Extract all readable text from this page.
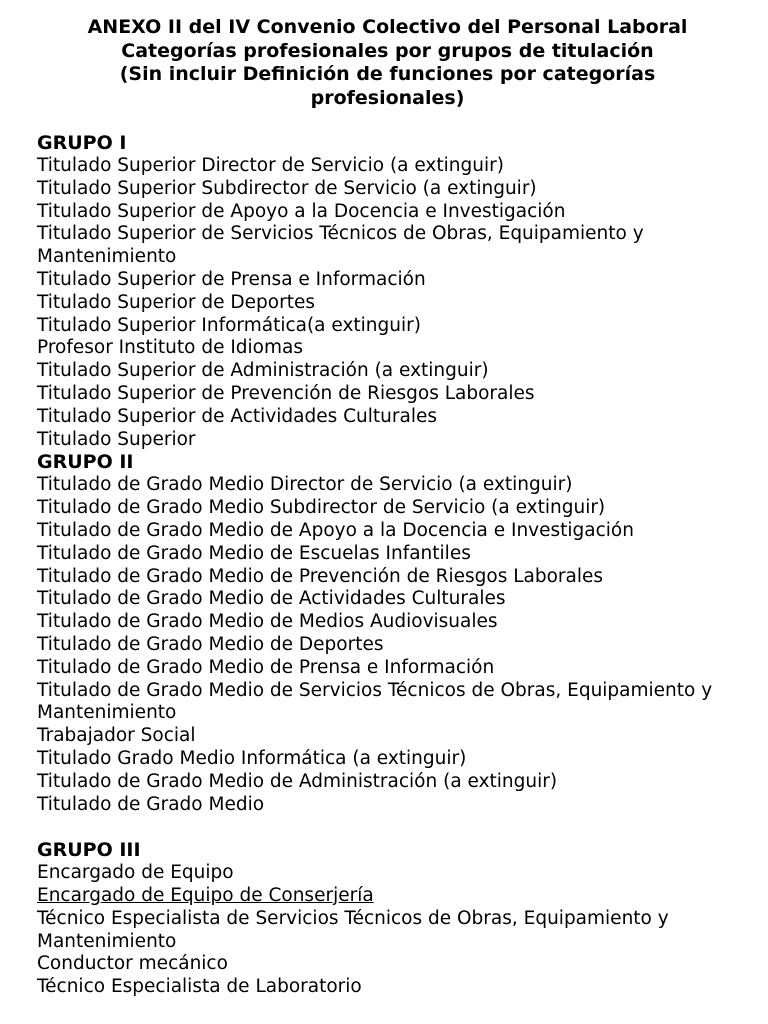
ANEXO II del IV Convenio Colectivo del Personal Laboral
Categorías profesionales por grupos de titulación
(Sin incluir Definición de funciones por categorías
profesionales)
GRUPO I
Titulado Superior Director de Servicio (a extinguir)
Titulado Superior Subdirector de Servicio (a extinguir)
Titulado Superior de Apoyo a la Docencia e Investigación
Titulado Superior de Servicios Técnicos de Obras, Equipamiento y Mantenimiento
Titulado Superior de Prensa e Información
Titulado Superior de Deportes
Titulado Superior Informática(a extinguir)
Profesor Instituto de Idiomas
Titulado Superior de Administración (a extinguir)
Titulado Superior de Prevención de Riesgos Laborales
Titulado Superior de Actividades Culturales
Titulado Superior
GRUPO II
Titulado de Grado Medio Director de Servicio (a extinguir)
Titulado de Grado Medio Subdirector de Servicio (a extinguir)
Titulado de Grado Medio de Apoyo a la Docencia e Investigación
Titulado de Grado Medio de Escuelas Infantiles
Titulado de Grado Medio de Prevención de Riesgos Laborales
Titulado de Grado Medio de Actividades Culturales
Titulado de Grado Medio de Medios Audiovisuales
Titulado de Grado Medio de Deportes
Titulado de Grado Medio de Prensa e Información
Titulado de Grado Medio de Servicios Técnicos de Obras, Equipamiento y Mantenimiento
Trabajador Social
Titulado Grado Medio Informática (a extinguir)
Titulado de Grado Medio de Administración (a extinguir)
Titulado de Grado Medio
GRUPO III
Encargado de Equipo
Encargado de Equipo de Conserjería
Técnico Especialista de Servicios Técnicos de Obras, Equipamiento y Mantenimiento
Conductor mecánico
Técnico Especialista de Laboratorio
